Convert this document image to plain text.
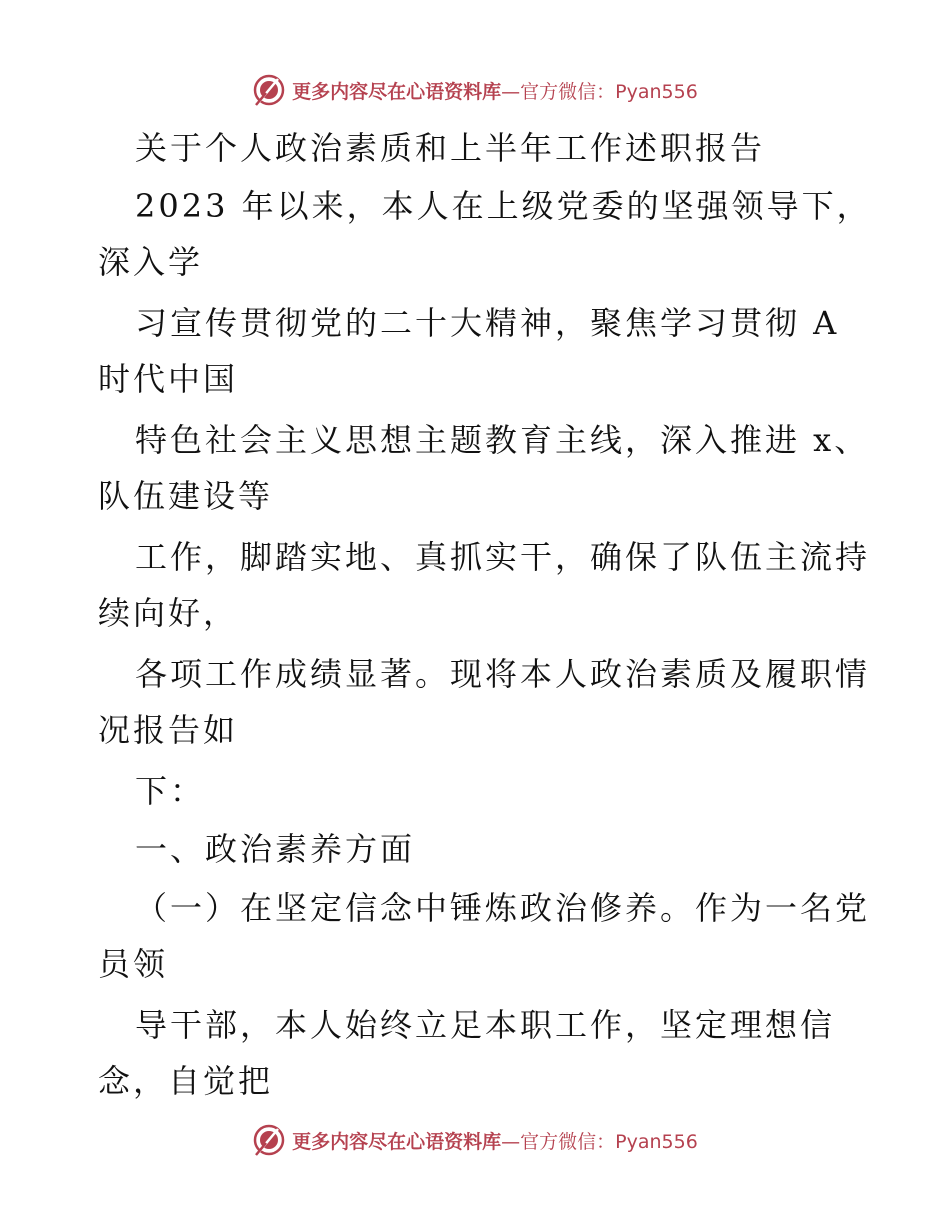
更多内容尽在心语资料库—官方微信：Pyan556
关于个人政治素质和上半年工作述职报告
2023 年以来，本人在上级党委的坚强领导下，
深入学
习宣传贯彻党的二十大精神，聚焦学习贯彻 A
时代中国
特色社会主义思想主题教育主线，深入推进 x、
队伍建设等
工作，脚踏实地、真抓实干，确保了队伍主流持
续向好，
各项工作成绩显著。现将本人政治素质及履职情
况报告如
下：
一、政治素养方面
（一）在坚定信念中锤炼政治修养。作为一名党
员领
导干部，本人始终立足本职工作，坚定理想信
念，自觉把
更多内容尽在心语资料库—官方微信：Pyan556
